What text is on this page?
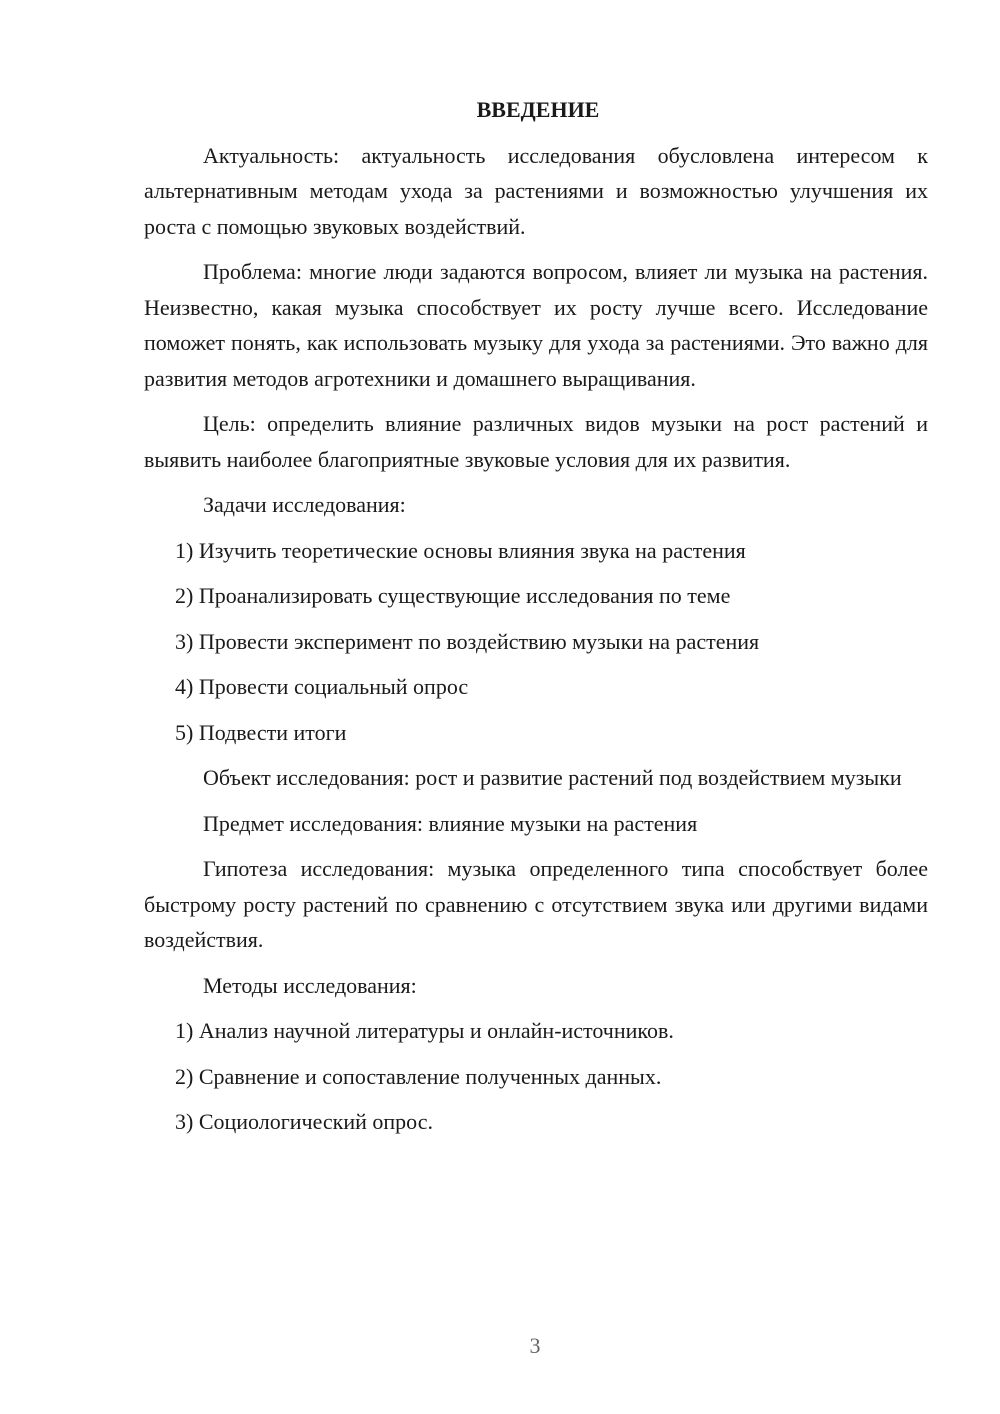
ВВЕДЕНИЕ
Актуальность: актуальность исследования обусловлена интересом к альтернативным методам ухода за растениями и возможностью улучшения их роста с помощью звуковых воздействий.
Проблема: многие люди задаются вопросом, влияет ли музыка на растения. Неизвестно, какая музыка способствует их росту лучше всего. Исследование поможет понять, как использовать музыку для ухода за растениями. Это важно для развития методов агротехники и домашнего выращивания.
Цель: определить влияние различных видов музыки на рост растений и выявить наиболее благоприятные звуковые условия для их развития.
Задачи исследования:
1) Изучить теоретические основы влияния звука на растения
2) Проанализировать существующие исследования по теме
3) Провести эксперимент по воздействию музыки на растения
4) Провести социальный опрос
5) Подвести итоги
Объект исследования: рост и развитие растений под воздействием музыки
Предмет исследования: влияние музыки на растения
Гипотеза исследования: музыка определенного типа способствует более быстрому росту растений по сравнению с отсутствием звука или другими видами воздействия.
Методы исследования:
1) Анализ научной литературы и онлайн-источников.
2) Сравнение и сопоставление полученных данных.
3) Социологический опрос.
3
